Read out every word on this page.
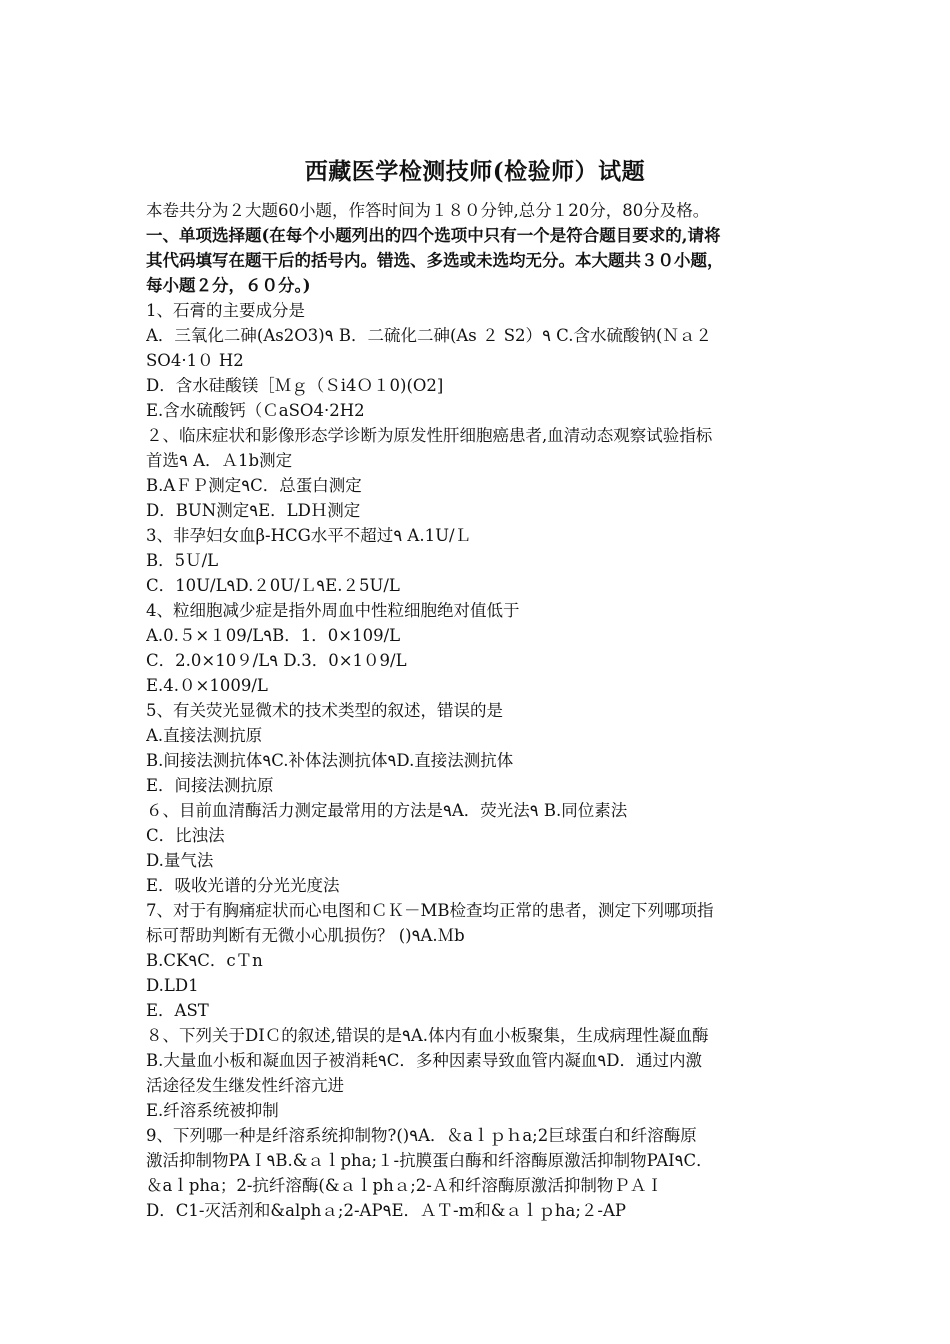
西藏医学检测技师(检验师）试题
本卷共分为２大题60小题，作答时间为１８０分钟,总分１20分，80分及格。
一、单项选择题(在每个小题列出的四个选项中只有一个是符合题目要求的,请将
其代码填写在题干后的括号内。错选、多选或未选均无分。本大题共３０小题，
每小题２分，６０分。)
1、石膏的主要成分是
A．三氧化二砷(As2O3)٩ B．二硫化二砷(As ２ S2）٩ C.含水硫酸钠(Ｎａ２
SO4·1０ H2
D．含水硅酸镁［Ｍｇ（Ｓi4Ｏ１0)(O2]
E.含水硫酸钙（ＣaSO4·2H2
２、临床症状和影像形态学诊断为原发性肝细胞癌患者,血清动态观察试验指标
首选٩ A．Ａ1b测定
B.AＦＰ测定٩C．总蛋白测定
D．BUN测定٩E．LDＨ测定
3、非孕妇女血β-HCG水平不超过٩ A.1U/Ｌ
B．5Ｕ/L
C．10U/L٩D.２0U/Ｌ٩E.２5U/L
4、粒细胞减少症是指外周血中性粒细胞绝对值低于
A.0.５×１09/L٩B．1．0×109/L
C．2.0×10９/L٩ D.3．0×1０9/L
E.4.０×1009/L
5、有关荧光显微术的技术类型的叙述，错误的是
A.直接法测抗原
B.间接法测抗体٩C.补体法测抗体٩D.直接法测抗体
E．间接法测抗原
６、目前血清酶活力测定最常用的方法是٩A．荧光法٩ B.同位素法
C．比浊法
D.量气法
E．吸收光谱的分光光度法
7、对于有胸痛症状而心电图和ＣＫ－MB检查均正常的患者，测定下列哪项指
标可帮助判断有无微小心肌损伤？ ()٩A.Ｍb
B.CK٩C．cＴn
D.LD1
E．AST
８、下列关于DIＣ的叙述,错误的是٩A.体内有血小板聚集，生成病理性凝血酶
B.大量血小板和凝血因子被消耗٩C．多种因素导致血管内凝血٩D．通过内激
活途径发生继发性纤溶亢进
E.纤溶系统被抑制
9、下列哪一种是纤溶系统抑制物?()٩A．＆aｌｐｈa;2巨球蛋白和纤溶酶原
激活抑制物PAＩ٩B.&ａｌpha;１-抗膜蛋白酶和纤溶酶原激活抑制物PAI٩C．
＆aｌpha；2-抗纤溶酶(&ａｌphａ;2-Ａ和纤溶酶原激活抑制物ＰＡＩ
D．C1-灭活剂和&alphａ;2-AP٩E．ＡＴ-m和&ａｌｐha;２-AP
